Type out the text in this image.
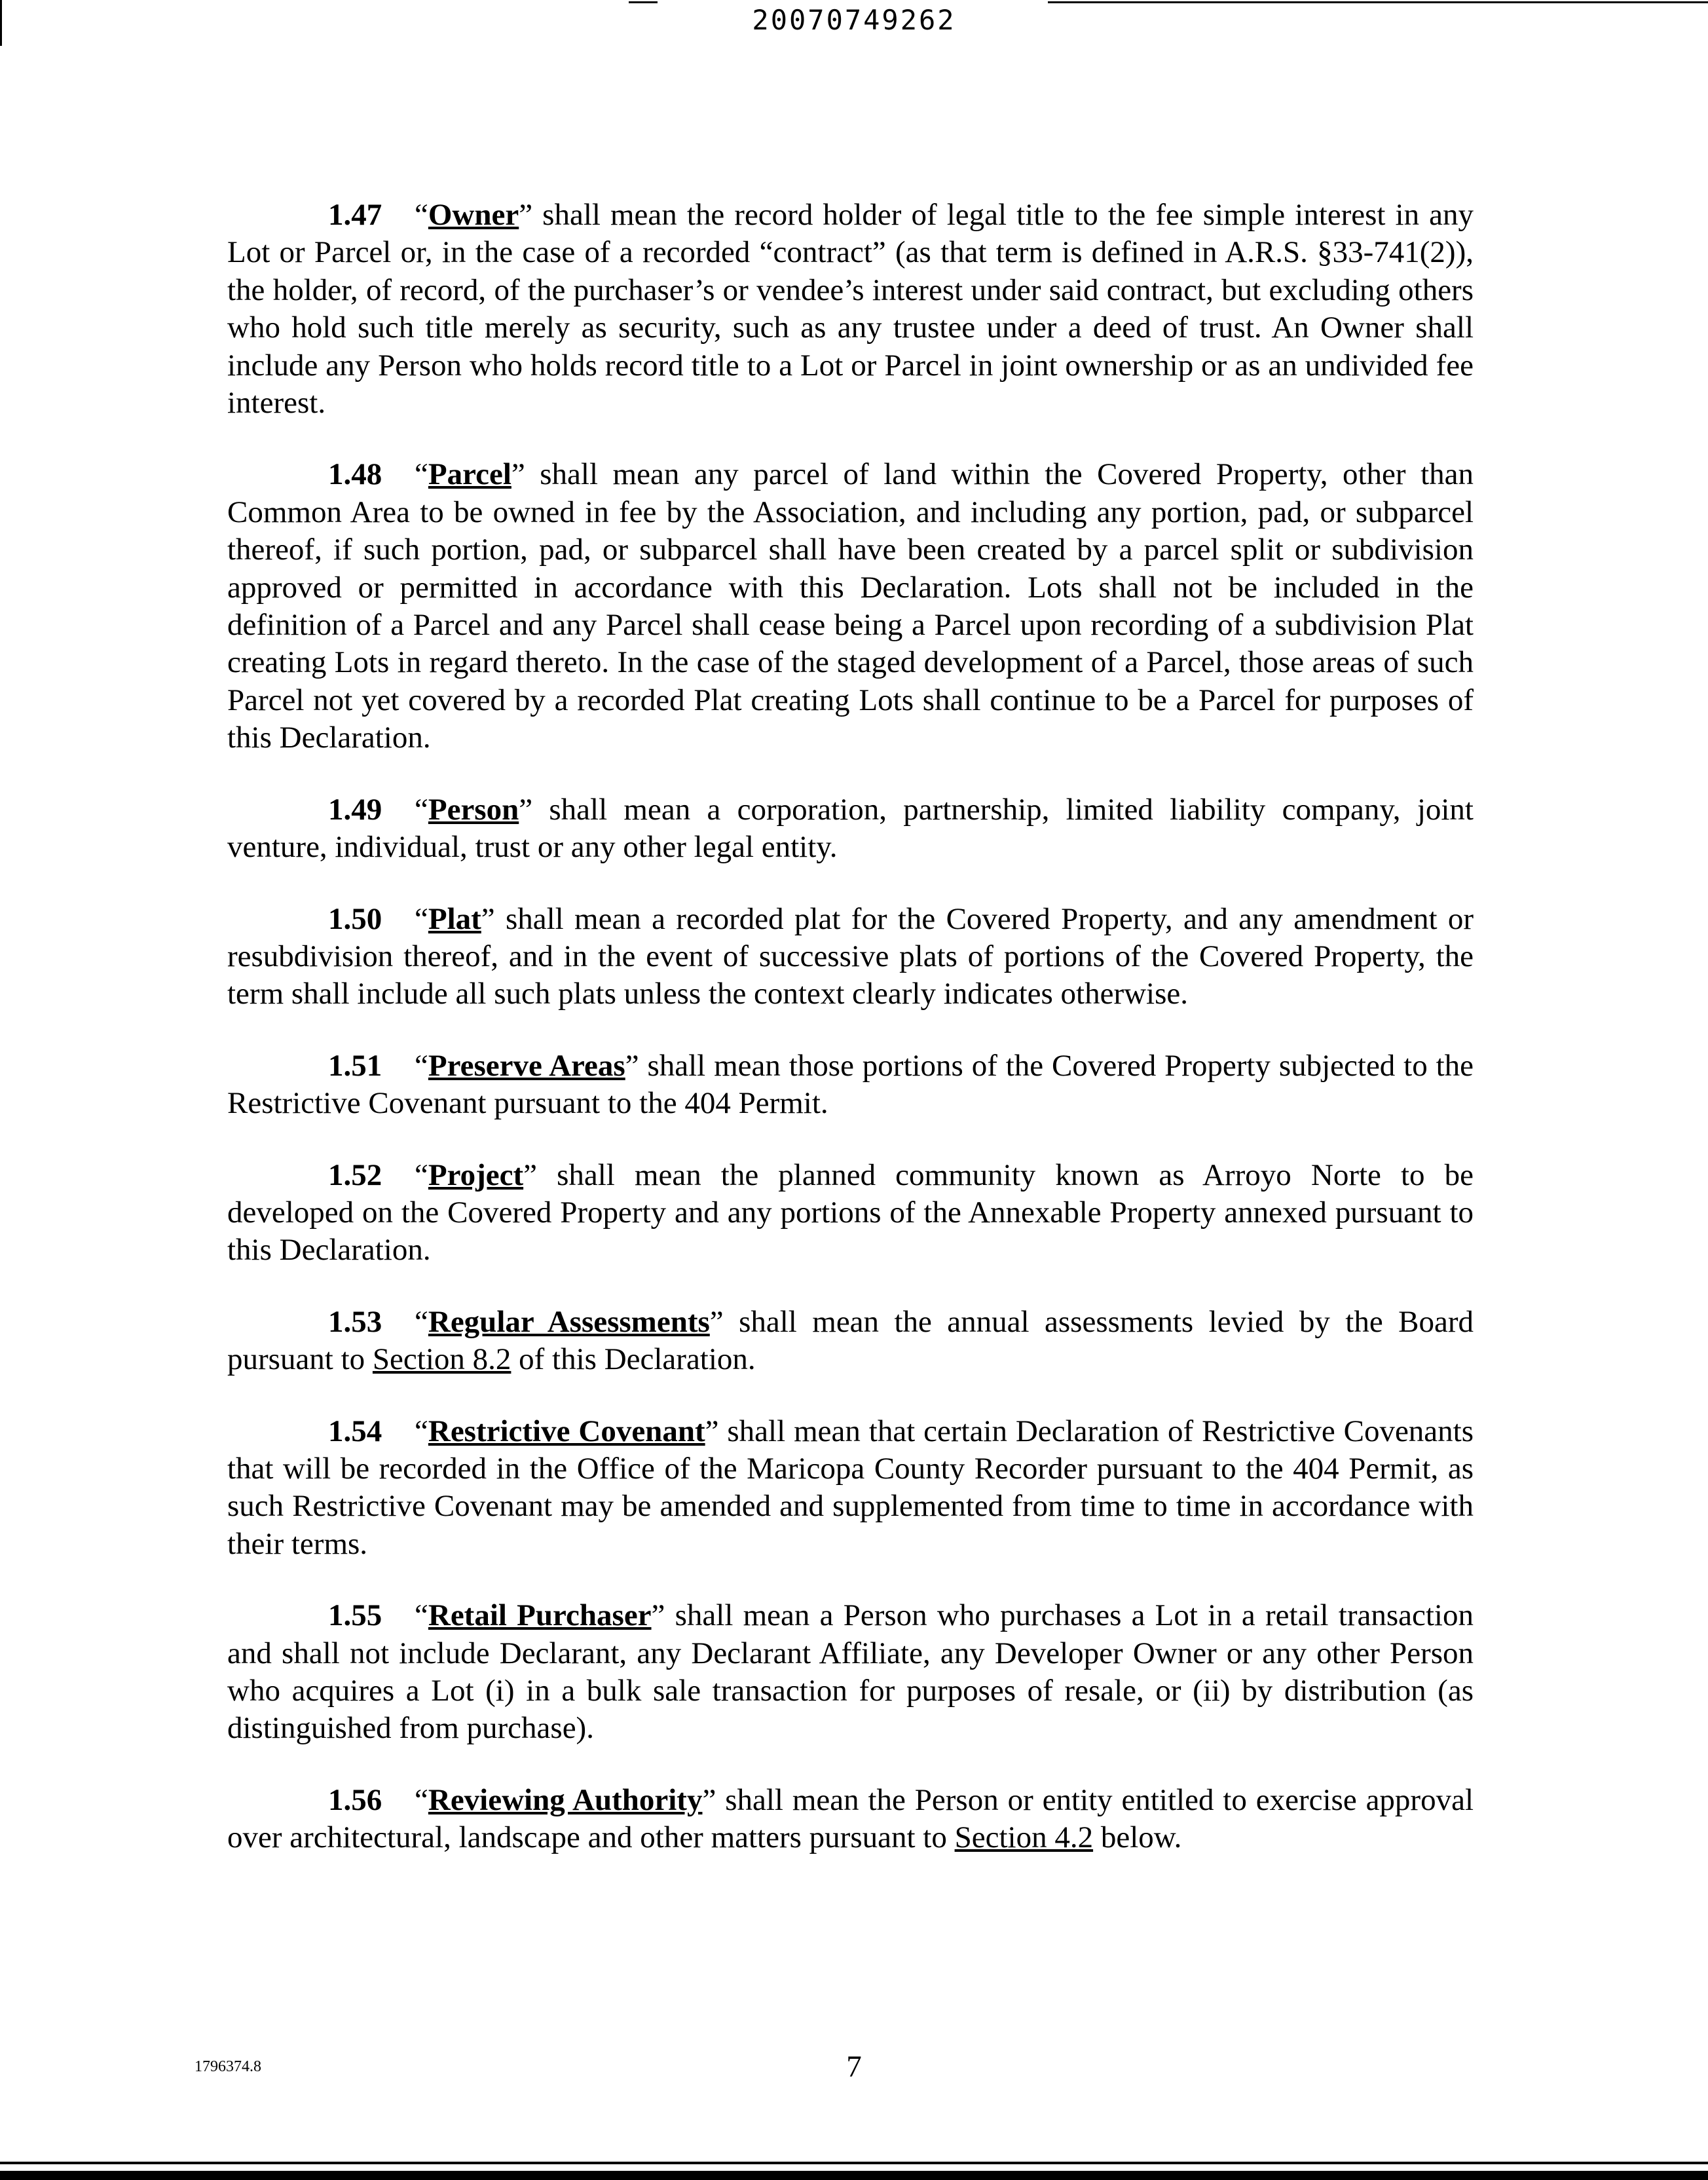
20070749262

1.47 “Owner” shall mean the record holder of legal title to the fee simple interest in any Lot or Parcel or, in the case of a recorded “contract” (as that term is defined in A.R.S. §33-741(2)), the holder, of record, of the purchaser’s or vendee’s interest under said contract, but excluding others who hold such title merely as security, such as any trustee under a deed of trust. An Owner shall include any Person who holds record title to a Lot or Parcel in joint ownership or as an undivided fee interest.

1.48 “Parcel” shall mean any parcel of land within the Covered Property, other than Common Area to be owned in fee by the Association, and including any portion, pad, or subparcel thereof, if such portion, pad, or subparcel shall have been created by a parcel split or subdivision approved or permitted in accordance with this Declaration. Lots shall not be included in the definition of a Parcel and any Parcel shall cease being a Parcel upon recording of a subdivision Plat creating Lots in regard thereto. In the case of the staged development of a Parcel, those areas of such Parcel not yet covered by a recorded Plat creating Lots shall continue to be a Parcel for purposes of this Declaration.

1.49 “Person” shall mean a corporation, partnership, limited liability company, joint venture, individual, trust or any other legal entity.

1.50 “Plat” shall mean a recorded plat for the Covered Property, and any amendment or resubdivision thereof, and in the event of successive plats of portions of the Covered Property, the term shall include all such plats unless the context clearly indicates otherwise.

1.51 “Preserve Areas” shall mean those portions of the Covered Property subjected to the Restrictive Covenant pursuant to the 404 Permit.

1.52 “Project” shall mean the planned community known as Arroyo Norte to be developed on the Covered Property and any portions of the Annexable Property annexed pursuant to this Declaration.

1.53 “Regular Assessments” shall mean the annual assessments levied by the Board pursuant to Section 8.2 of this Declaration.

1.54 “Restrictive Covenant” shall mean that certain Declaration of Restrictive Covenants that will be recorded in the Office of the Maricopa County Recorder pursuant to the 404 Permit, as such Restrictive Covenant may be amended and supplemented from time to time in accordance with their terms.

1.55 “Retail Purchaser” shall mean a Person who purchases a Lot in a retail transaction and shall not include Declarant, any Declarant Affiliate, any Developer Owner or any other Person who acquires a Lot (i) in a bulk sale transaction for purposes of resale, or (ii) by distribution (as distinguished from purchase).

1.56 “Reviewing Authority” shall mean the Person or entity entitled to exercise approval over architectural, landscape and other matters pursuant to Section 4.2 below.

1796374.8	7
